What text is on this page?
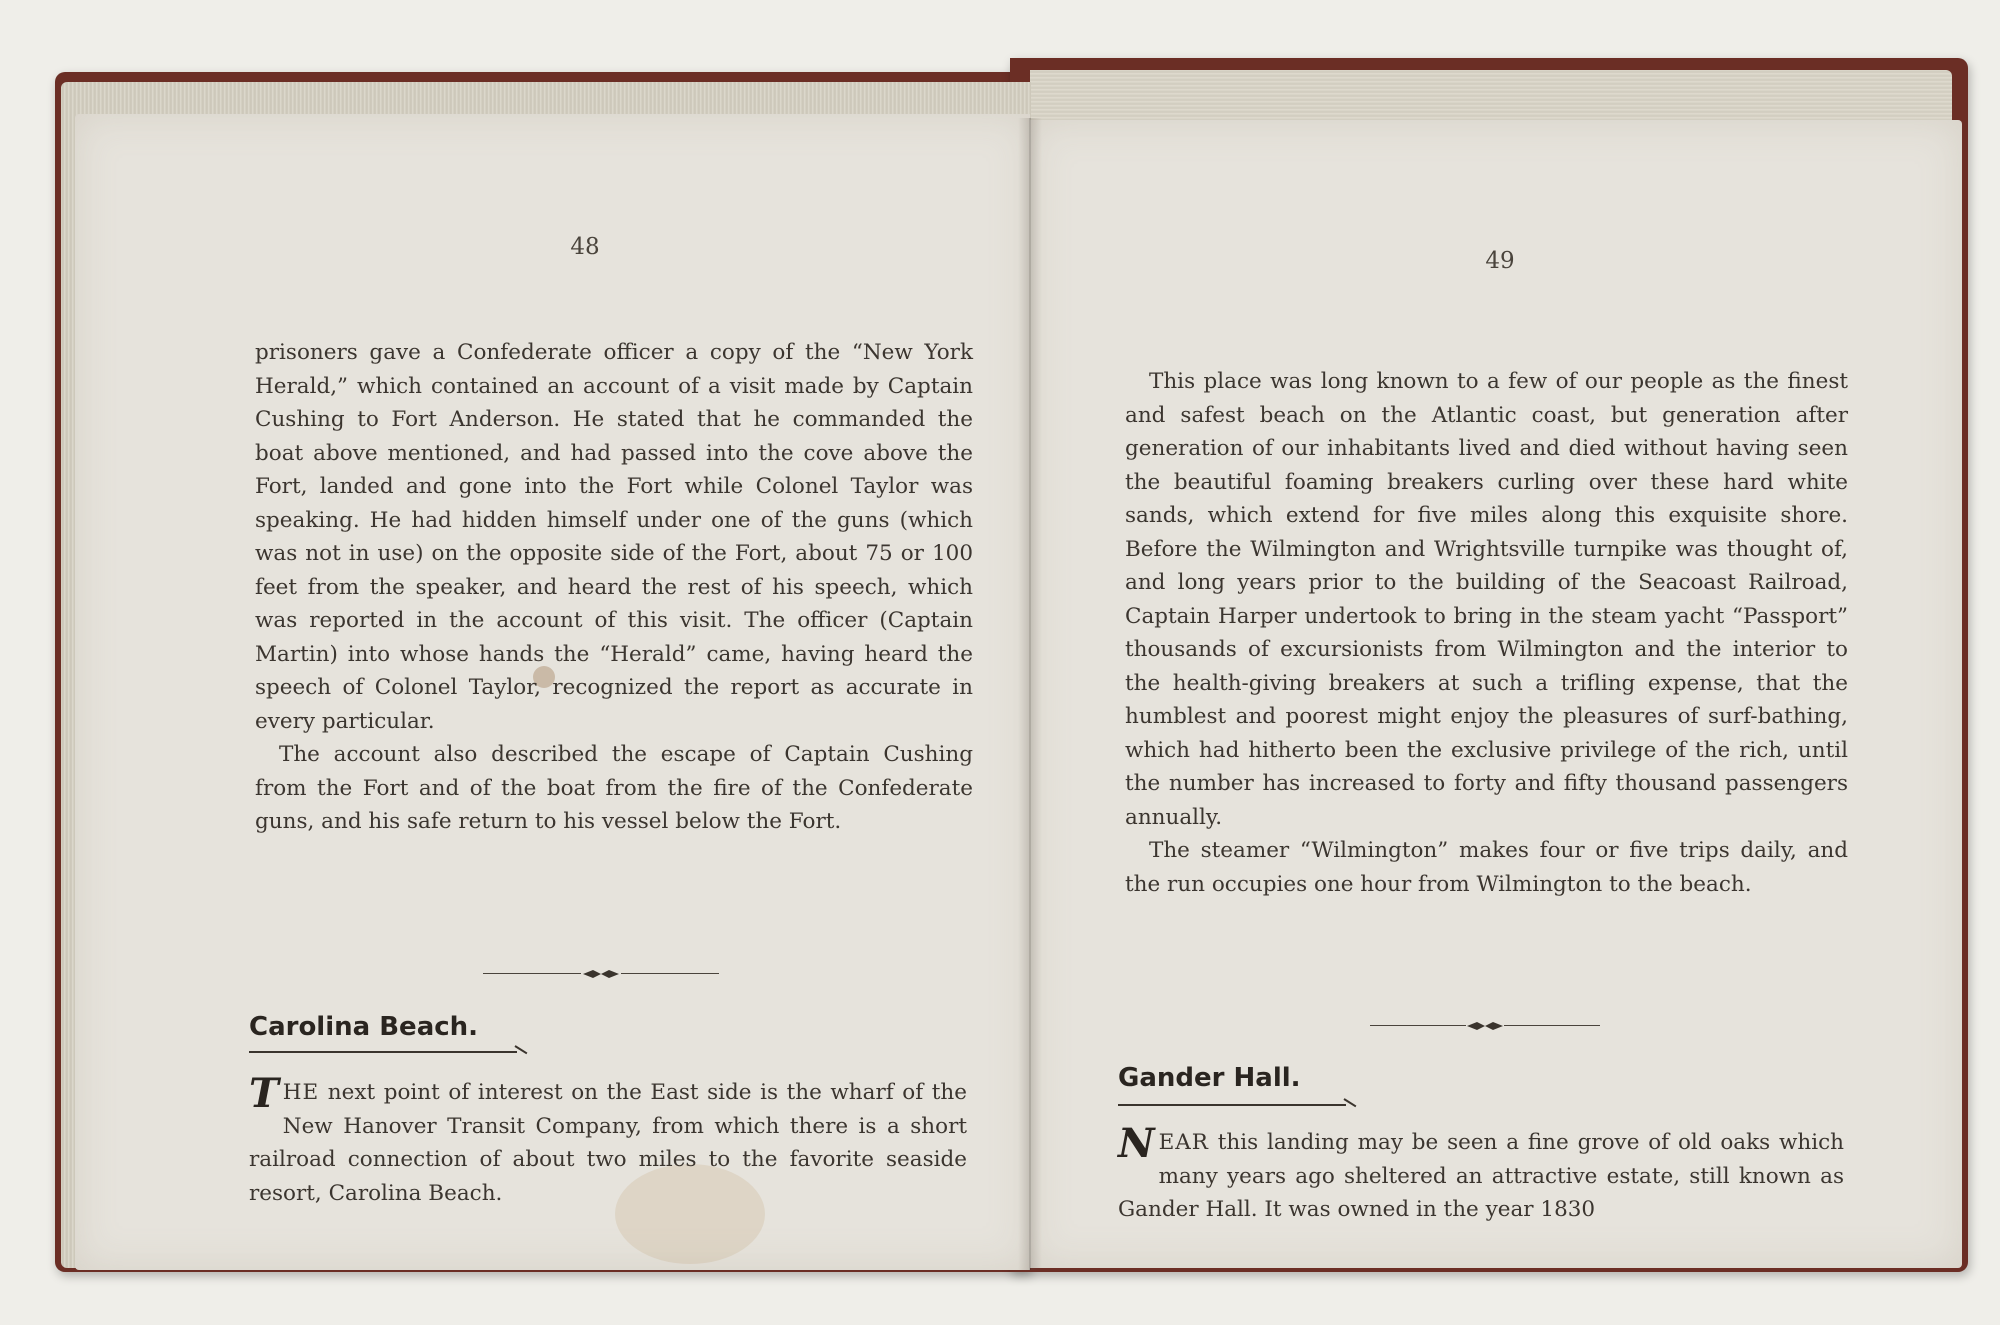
48

prisoners gave a Confederate officer a copy of the “New York Herald,” which contained an account of a visit made by Captain Cushing to Fort Anderson. He stated that he commanded the boat above mentioned, and had passed into the cove above the Fort, landed and gone into the Fort while Colonel Taylor was speaking. He had hidden himself under one of the guns (which was not in use) on the opposite side of the Fort, about 75 or 100 feet from the speaker, and heard the rest of his speech, which was reported in the account of this visit. The officer (Captain Martin) into whose hands the “Herald” came, having heard the speech of Colonel Taylor, recognized the report as accurate in every particular.

The account also described the escape of Captain Cushing from the Fort and of the boat from the fire of the Confederate guns, and his safe return to his vessel below the Fort.

Carolina Beach.
THE next point of interest on the East side is the wharf of the New Hanover Transit Company, from which there is a short railroad connection of about two miles to the favorite seaside resort, Carolina Beach.
49

This place was long known to a few of our people as the finest and safest beach on the Atlantic coast, but generation after generation of our inhabitants lived and died without having seen the beautiful foaming breakers curling over these hard white sands, which extend for five miles along this exquisite shore. Before the Wilmington and Wrightsville turnpike was thought of, and long years prior to the building of the Seacoast Railroad, Captain Harper undertook to bring in the steam yacht “Passport” thousands of excursionists from Wilmington and the interior to the health-giving breakers at such a trifling expense, that the humblest and poorest might enjoy the pleasures of surf-bathing, which had hitherto been the exclusive privilege of the rich, until the number has increased to forty and fifty thousand passengers annually.

The steamer “Wilmington” makes four or five trips daily, and the run occupies one hour from Wilmington to the beach.

Gander Hall.
NEAR this landing may be seen a fine grove of old oaks which many years ago sheltered an attractive estate, still known as Gander Hall. It was owned in the year 1830
